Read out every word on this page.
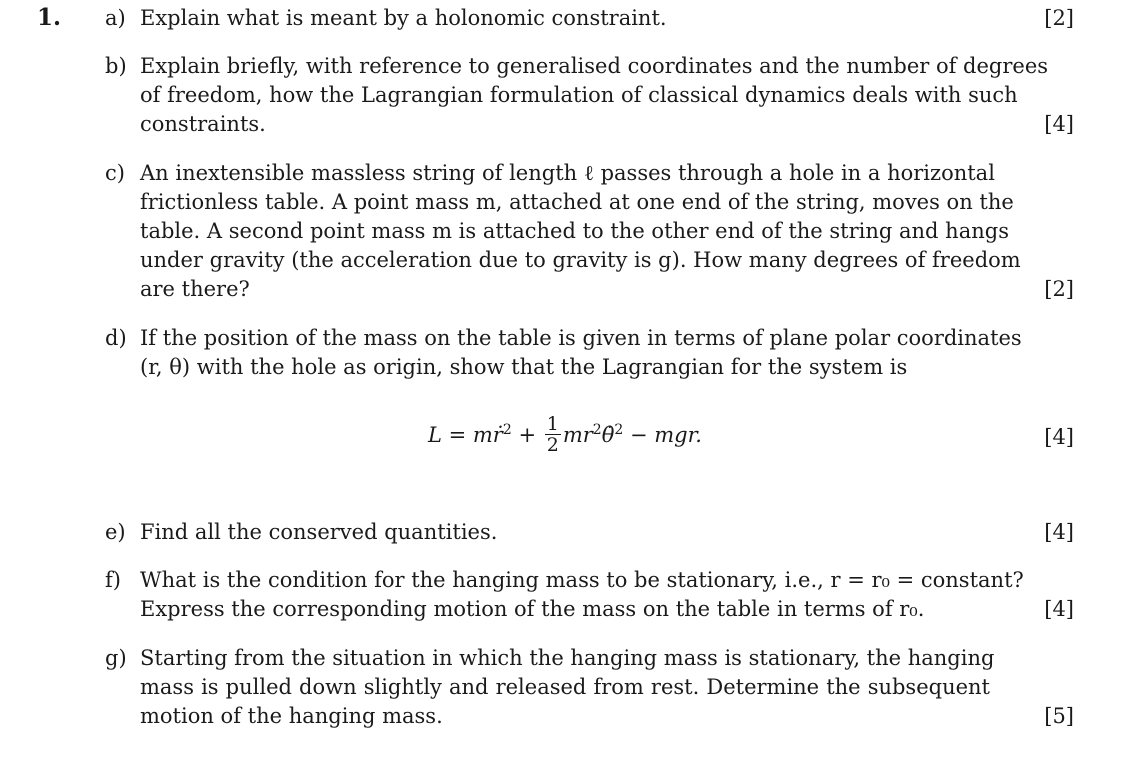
1. a) Explain what is meant by a holonomic constraint.	[2]
b) Explain briefly, with reference to generalised coordinates and the number of degrees
of freedom, how the Lagrangian formulation of classical dynamics deals with such
constraints.	[4]
c) An inextensible massless string of length ℓ passes through a hole in a horizontal
frictionless table. A point mass m, attached at one end of the string, moves on the
table. A second point mass m is attached to the other end of the string and hangs
under gravity (the acceleration due to gravity is g). How many degrees of freedom
are there?	[2]
d) If the position of the mass on the table is given in terms of plane polar coordinates
(r, θ) with the hole as origin, show that the Lagrangian for the system is
L = mṙ$^2$ + $\frac{1}{2}$ $mr^2\thetȧ^2$ − mgr.	[4]
e) Find all the conserved quantities.	[4]
f) What is the condition for the hanging mass to be stationary, i.e., r = r₀ = constant?
Express the corresponding motion of the mass on the table in terms of r₀.	[4]
g) Starting from the situation in which the hanging mass is stationary, the hanging
mass is pulled down slightly and released from rest. Determine the subsequent
motion of the hanging mass.	[5]
